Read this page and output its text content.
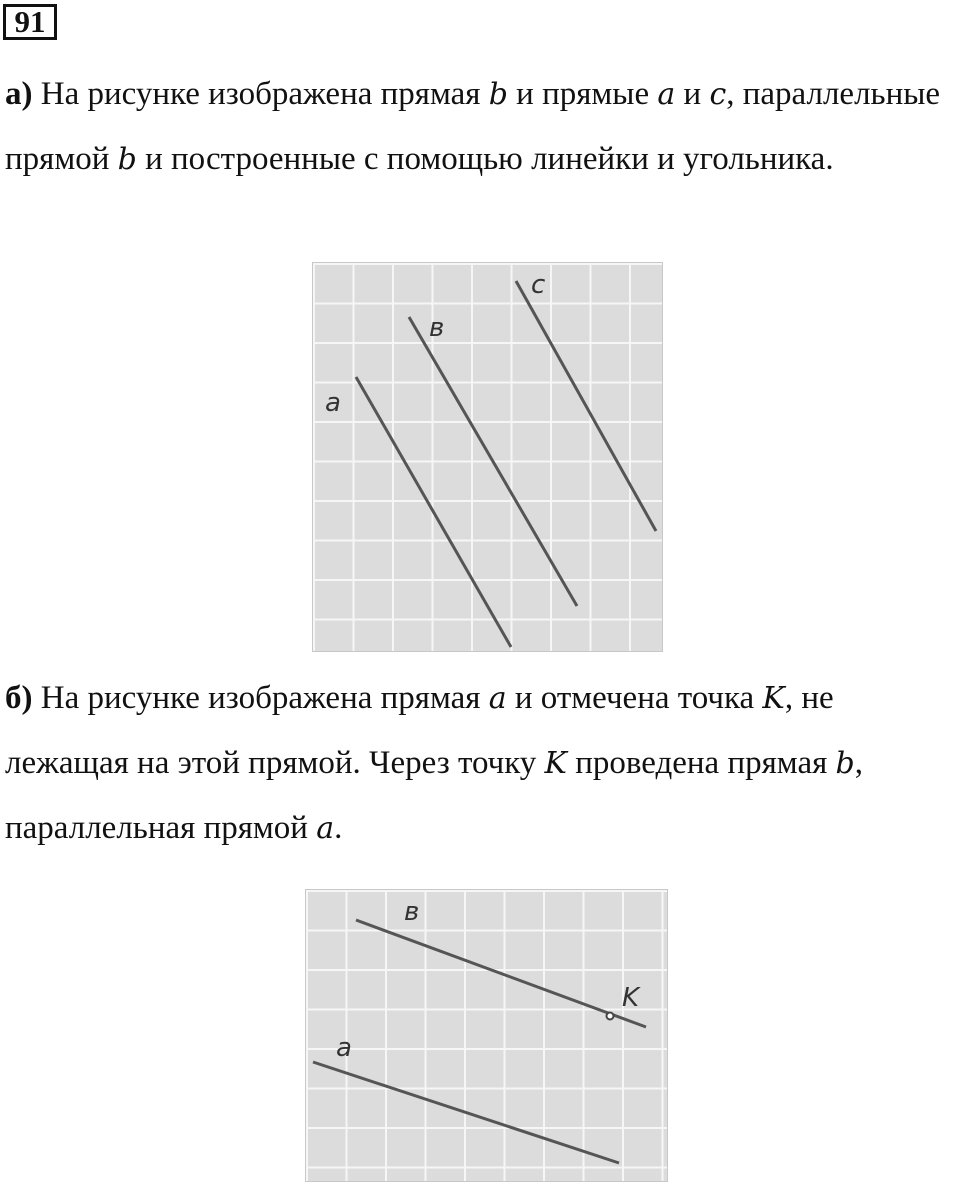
91

а) На рисунке изображена прямая b и прямые a и c, параллельные прямой b и построенные с помощью линейки и угольника.

a
в
c

б) На рисунке изображена прямая a и отмечена точка K, не лежащая на этой прямой. Через точку K проведена прямая b, параллельная прямой a.

в
K
a
